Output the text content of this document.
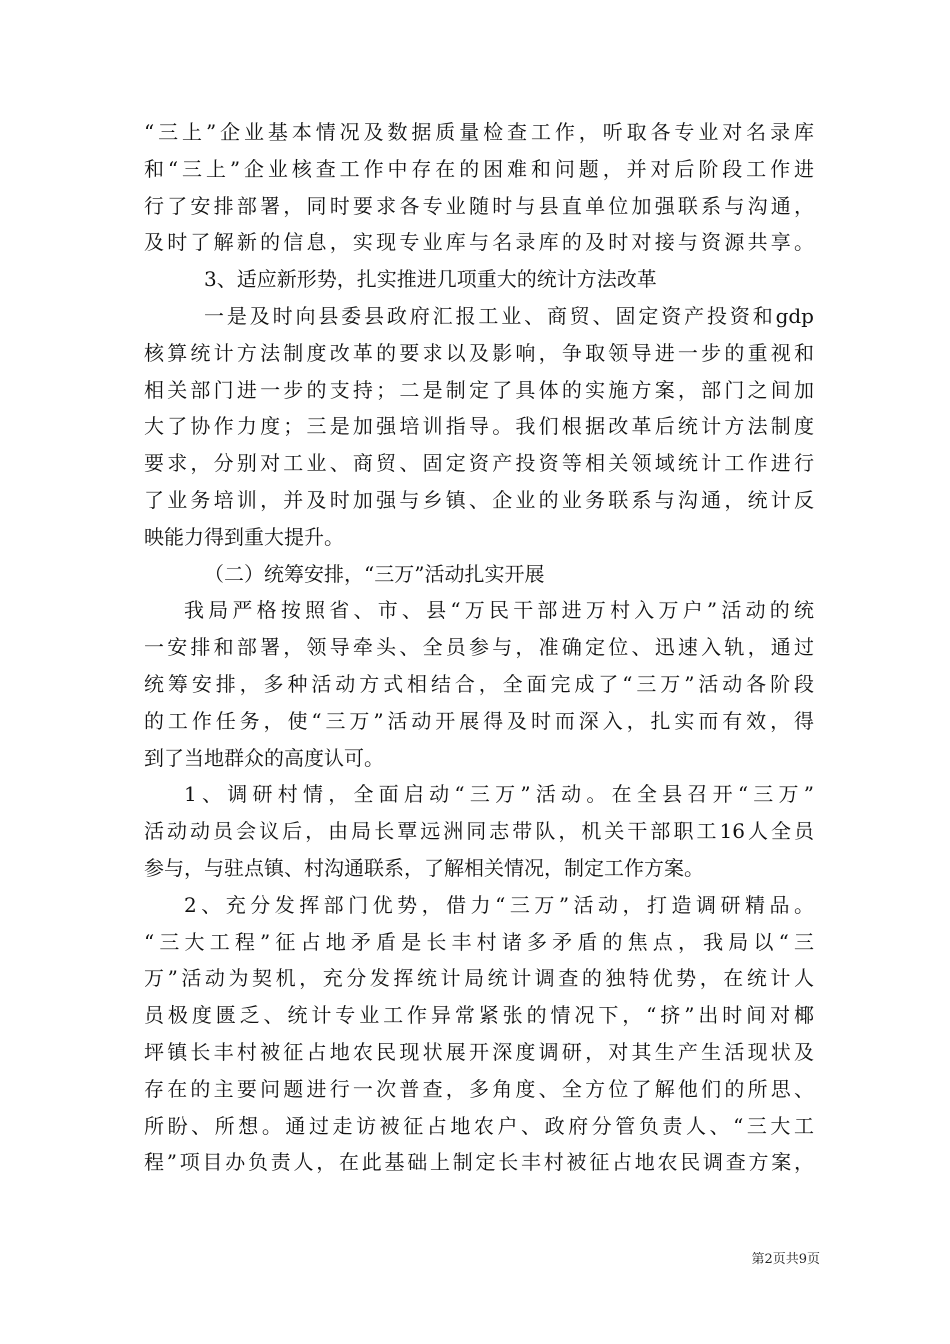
“三上”企业基本情况及数据质量检查工作，听取各专业对名录库
和“三上”企业核查工作中存在的困难和问题，并对后阶段工作进
行了安排部署，同时要求各专业随时与县直单位加强联系与沟通，
及时了解新的信息，实现专业库与名录库的及时对接与资源共享。
3、适应新形势，扎实推进几项重大的统计方法改革
一是及时向县委县政府汇报工业、商贸、固定资产投资和gdp
核算统计方法制度改革的要求以及影响，争取领导进一步的重视和
相关部门进一步的支持；二是制定了具体的实施方案，部门之间加
大了协作力度；三是加强培训指导。我们根据改革后统计方法制度
要求，分别对工业、商贸、固定资产投资等相关领域统计工作进行
了业务培训，并及时加强与乡镇、企业的业务联系与沟通，统计反
映能力得到重大提升。
（二）统筹安排，“三万”活动扎实开展
我局严格按照省、市、县“万民干部进万村入万户”活动的统
一安排和部署，领导牵头、全员参与，准确定位、迅速入轨，通过
统筹安排，多种活动方式相结合，全面完成了“三万”活动各阶段
的工作任务，使“三万”活动开展得及时而深入，扎实而有效，得
到了当地群众的高度认可。
1、调研村情，全面启动“三万”活动。在全县召开“三万”
活动动员会议后，由局长覃远洲同志带队，机关干部职工16人全员
参与，与驻点镇、村沟通联系，了解相关情况，制定工作方案。
2、充分发挥部门优势，借力“三万”活动，打造调研精品。
“三大工程”征占地矛盾是长丰村诸多矛盾的焦点，我局以“三
万”活动为契机，充分发挥统计局统计调查的独特优势，在统计人
员极度匮乏、统计专业工作异常紧张的情况下，“挤”出时间对椰
坪镇长丰村被征占地农民现状展开深度调研，对其生产生活现状及
存在的主要问题进行一次普查，多角度、全方位了解他们的所思、
所盼、所想。通过走访被征占地农户、政府分管负责人、“三大工
程”项目办负责人，在此基础上制定长丰村被征占地农民调查方案，
第2页共9页
